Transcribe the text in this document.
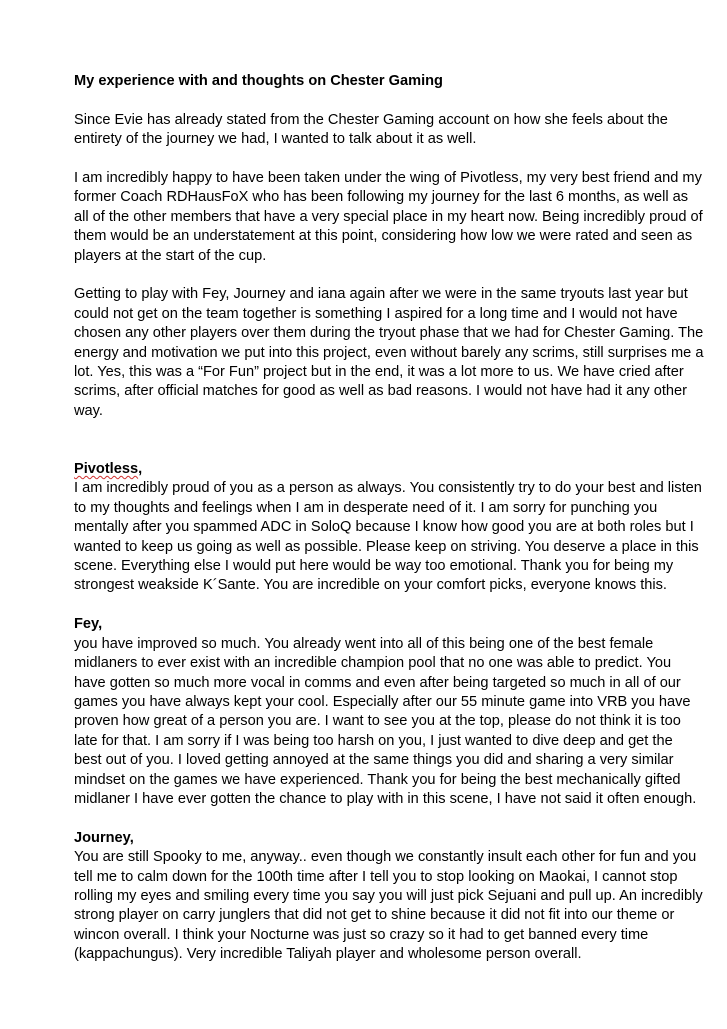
My experience with and thoughts on Chester Gaming
Since Evie has already stated from the Chester Gaming account on how she feels about the entirety of the journey we had, I wanted to talk about it as well.
I am incredibly happy to have been taken under the wing of Pivotless, my very best friend and my former Coach RDHausFoX who has been following my journey for the last 6 months, as well as all of the other members that have a very special place in my heart now. Being incredibly proud of them would be an understatement at this point, considering how low we were rated and seen as players at the start of the cup.
Getting to play with Fey, Journey and iana again after we were in the same tryouts last year but could not get on the team together is something I aspired for a long time and I would not have chosen any other players over them during the tryout phase that we had for Chester Gaming. The energy and motivation we put into this project, even without barely any scrims, still surprises me a lot. Yes, this was a “For Fun” project but in the end, it was a lot more to us. We have cried after scrims, after official matches for good as well as bad reasons. I would not have had it any other way.
Pivotless,
I am incredibly proud of you as a person as always. You consistently try to do your best and listen to my thoughts and feelings when I am in desperate need of it. I am sorry for punching you mentally after you spammed ADC in SoloQ because I know how good you are at both roles but I wanted to keep us going as well as possible. Please keep on striving. You deserve a place in this scene. Everything else I would put here would be way too emotional. Thank you for being my strongest weakside K´Sante. You are incredible on your comfort picks, everyone knows this.
Fey,
you have improved so much. You already went into all of this being one of the best female midlaners to ever exist with an incredible champion pool that no one was able to predict. You have gotten so much more vocal in comms and even after being targeted so much in all of our games you have always kept your cool. Especially after our 55 minute game into VRB you have proven how great of a person you are. I want to see you at the top, please do not think it is too late for that. I am sorry if I was being too harsh on you, I just wanted to dive deep and get the best out of you. I loved getting annoyed at the same things you did and sharing a very similar mindset on the games we have experienced. Thank you for being the best mechanically gifted midlaner I have ever gotten the chance to play with in this scene, I have not said it often enough.
Journey,
You are still Spooky to me, anyway.. even though we constantly insult each other for fun and you tell me to calm down for the 100th time after I tell you to stop looking on Maokai, I cannot stop rolling my eyes and smiling every time you say you will just pick Sejuani and pull up. An incredibly strong player on carry junglers that did not get to shine because it did not fit into our theme or wincon overall. I think your Nocturne was just so crazy so it had to get banned every time (kappachungus). Very incredible Taliyah player and wholesome person overall.
